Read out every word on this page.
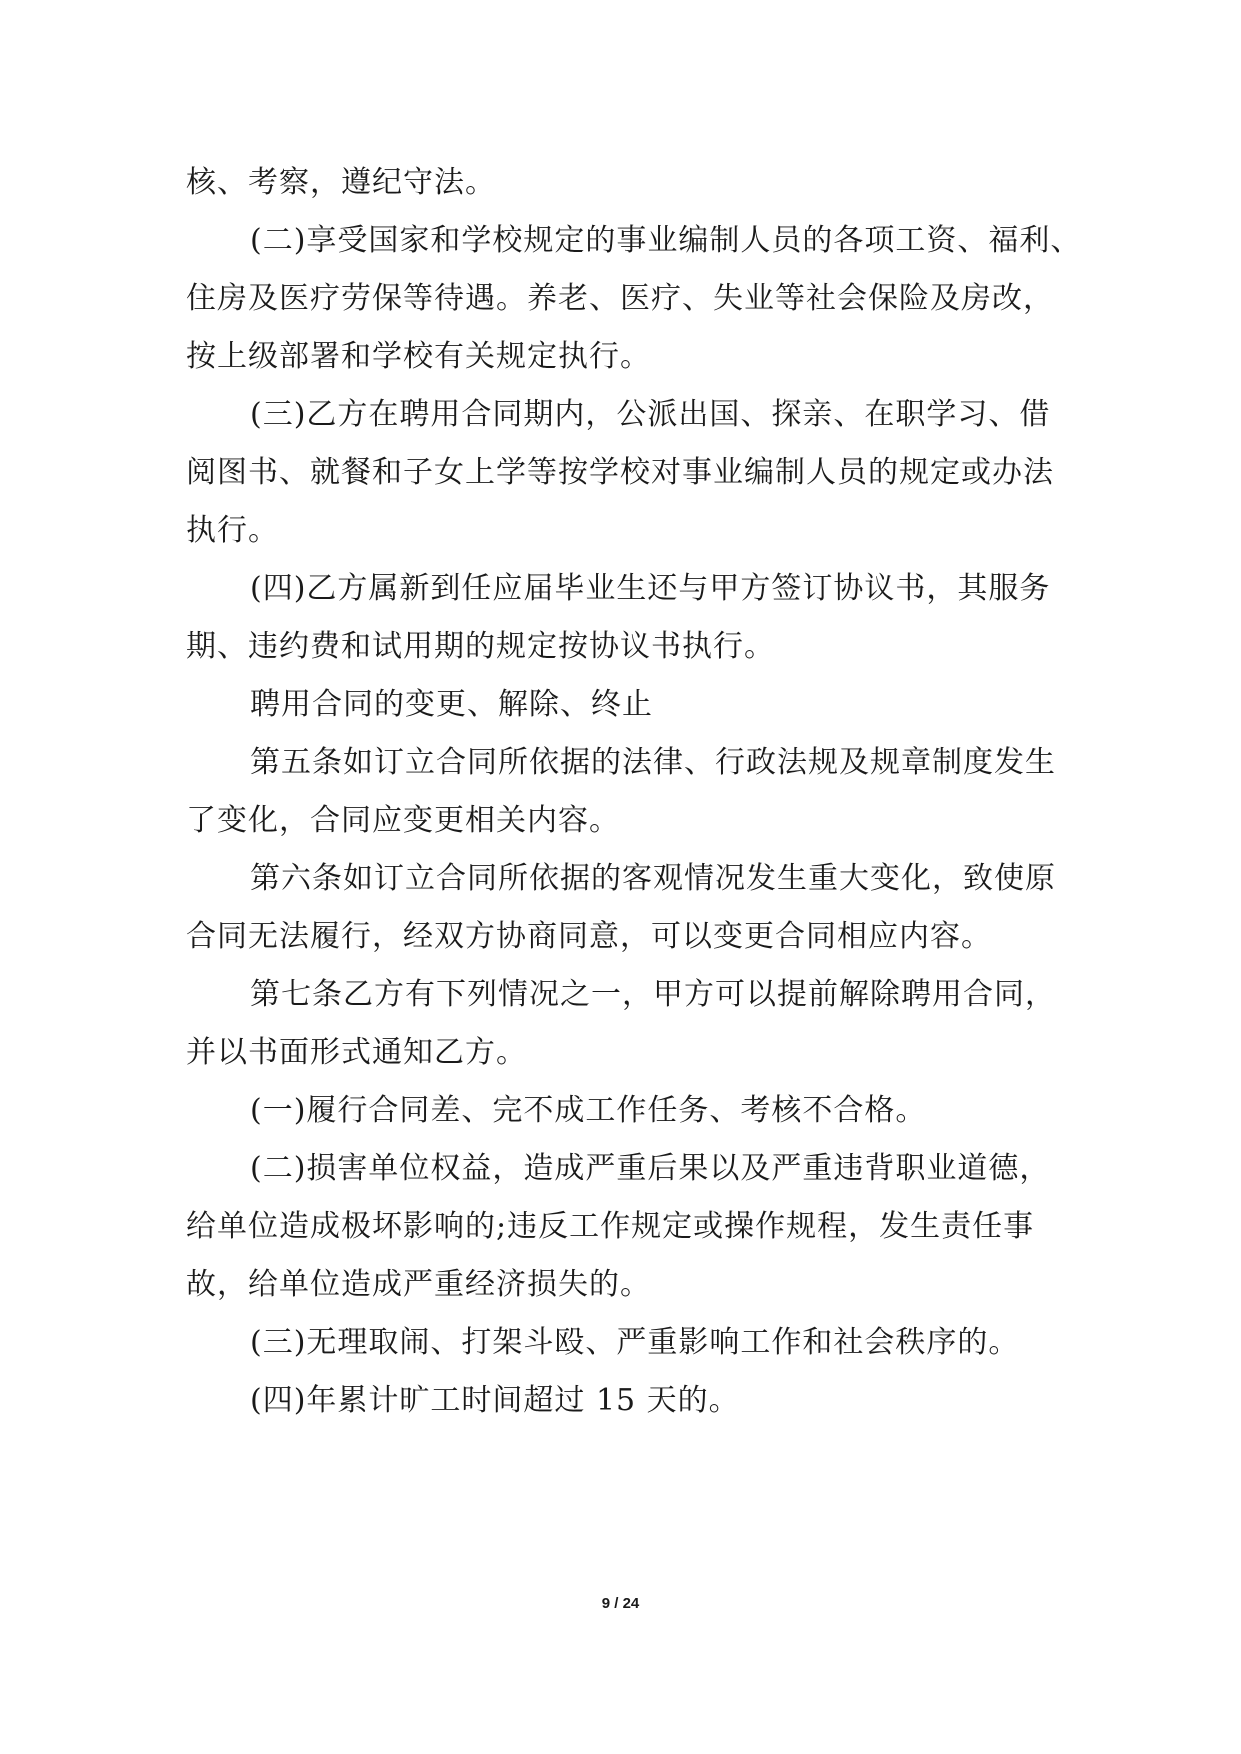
核、考察，遵纪守法。
(二)享受国家和学校规定的事业编制人员的各项工资、福利、
住房及医疗劳保等待遇。养老、医疗、失业等社会保险及房改，
按上级部署和学校有关规定执行。
(三)乙方在聘用合同期内，公派出国、探亲、在职学习、借
阅图书、就餐和子女上学等按学校对事业编制人员的规定或办法
执行。
(四)乙方属新到任应届毕业生还与甲方签订协议书，其服务
期、违约费和试用期的规定按协议书执行。
聘用合同的变更、解除、终止
第五条如订立合同所依据的法律、行政法规及规章制度发生
了变化，合同应变更相关内容。
第六条如订立合同所依据的客观情况发生重大变化，致使原
合同无法履行，经双方协商同意，可以变更合同相应内容。
第七条乙方有下列情况之一，甲方可以提前解除聘用合同，
并以书面形式通知乙方。
(一)履行合同差、完不成工作任务、考核不合格。
(二)损害单位权益，造成严重后果以及严重违背职业道德，
给单位造成极坏影响的;违反工作规定或操作规程，发生责任事
故，给单位造成严重经济损失的。
(三)无理取闹、打架斗殴、严重影响工作和社会秩序的。
(四)年累计旷工时间超过 15 天的。
9 / 24
